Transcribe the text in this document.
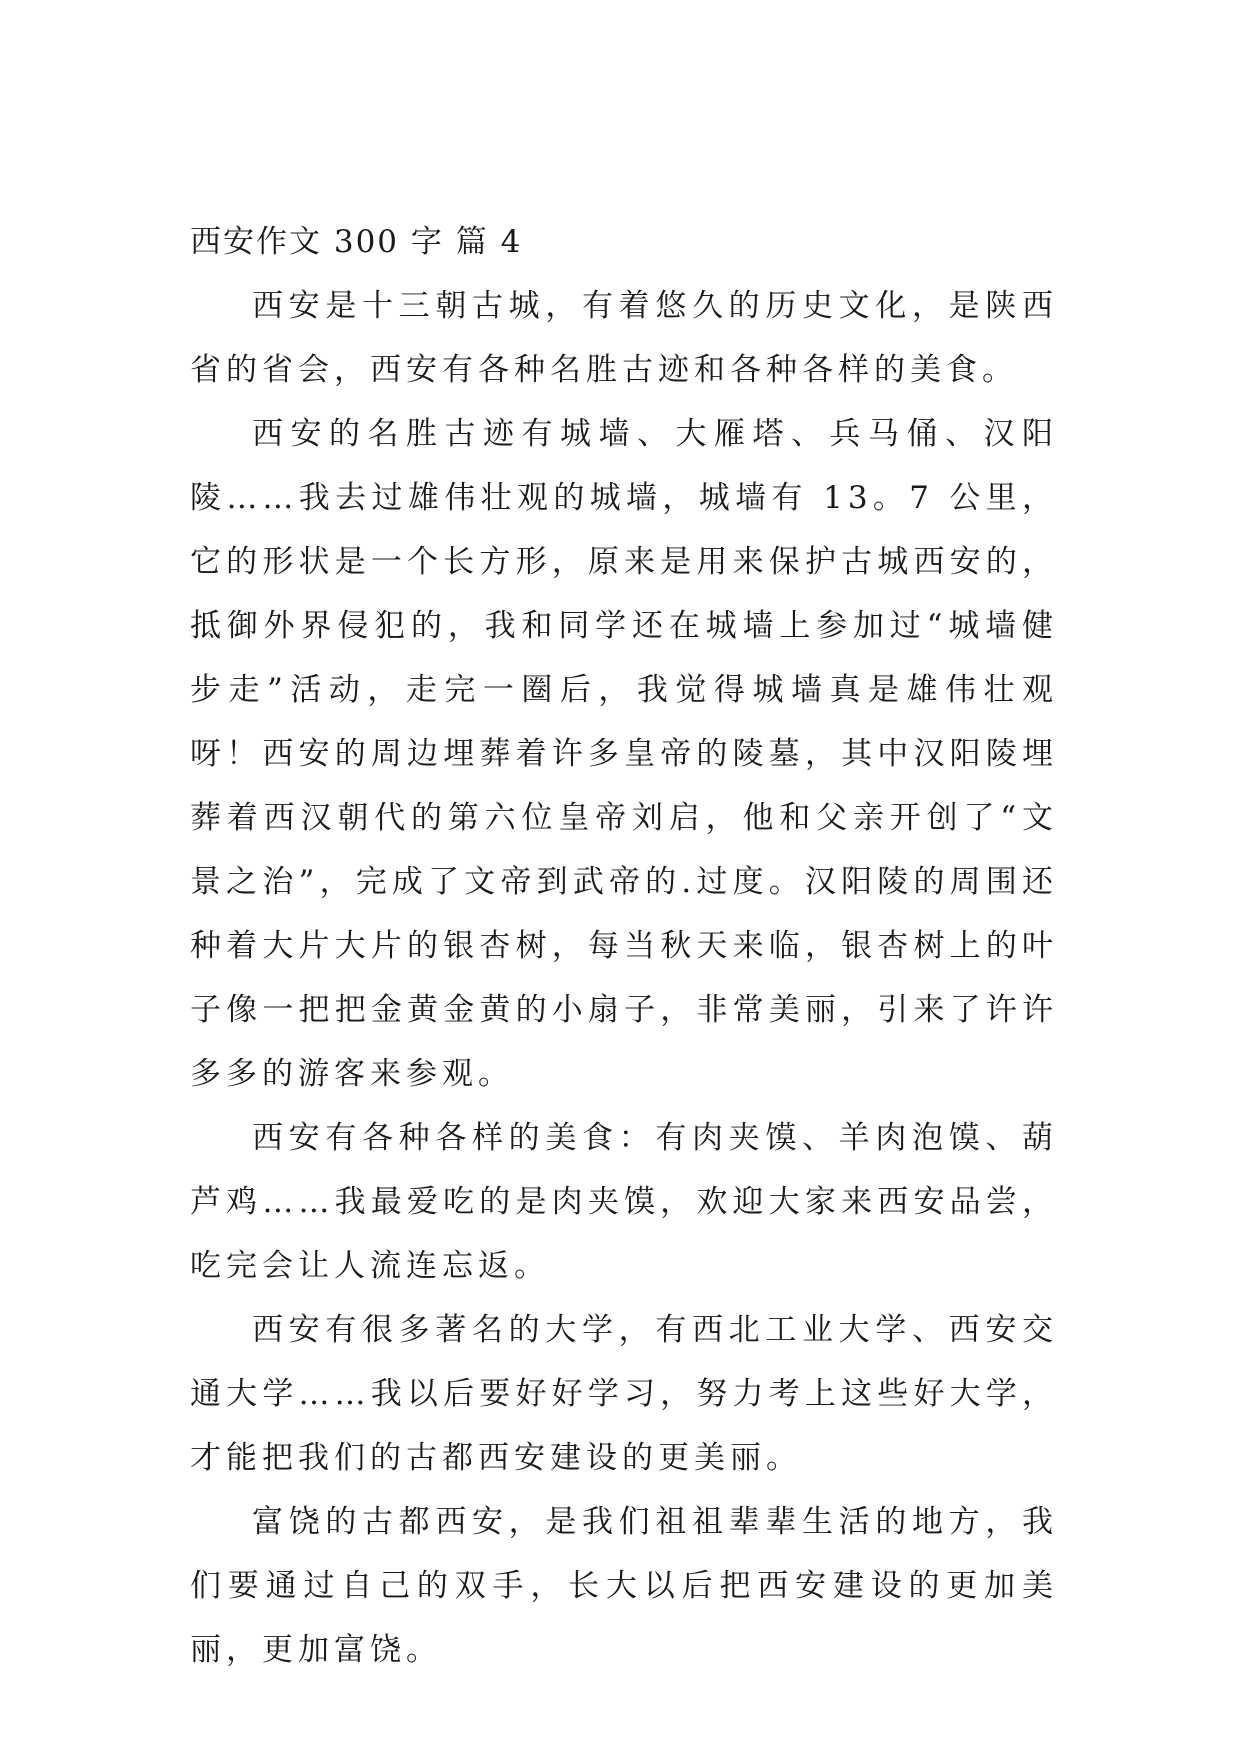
西安作文 300 字 篇 4

西安是十三朝古城，有着悠久的历史文化，是陕西省的省会，西安有各种名胜古迹和各种各样的美食。

西安的名胜古迹有城墙、大雁塔、兵马俑、汉阳陵……我去过雄伟壮观的城墙，城墙有 13。7 公里，它的形状是一个长方形，原来是用来保护古城西安的，抵御外界侵犯的，我和同学还在城墙上参加过“城墙健步走”活动，走完一圈后，我觉得城墙真是雄伟壮观呀！西安的周边埋葬着许多皇帝的陵墓，其中汉阳陵埋葬着西汉朝代的第六位皇帝刘启，他和父亲开创了“文景之治”，完成了文帝到武帝的.过度。汉阳陵的周围还种着大片大片的银杏树，每当秋天来临，银杏树上的叶子像一把把金黄金黄的小扇子，非常美丽，引来了许许多多的游客来参观。

西安有各种各样的美食：有肉夹馍、羊肉泡馍、葫芦鸡……我最爱吃的是肉夹馍，欢迎大家来西安品尝，吃完会让人流连忘返。

西安有很多著名的大学，有西北工业大学、西安交通大学……我以后要好好学习，努力考上这些好大学，才能把我们的古都西安建设的更美丽。

富饶的古都西安，是我们祖祖辈辈生活的地方，我们要通过自己的双手，长大以后把西安建设的更加美丽，更加富饶。
